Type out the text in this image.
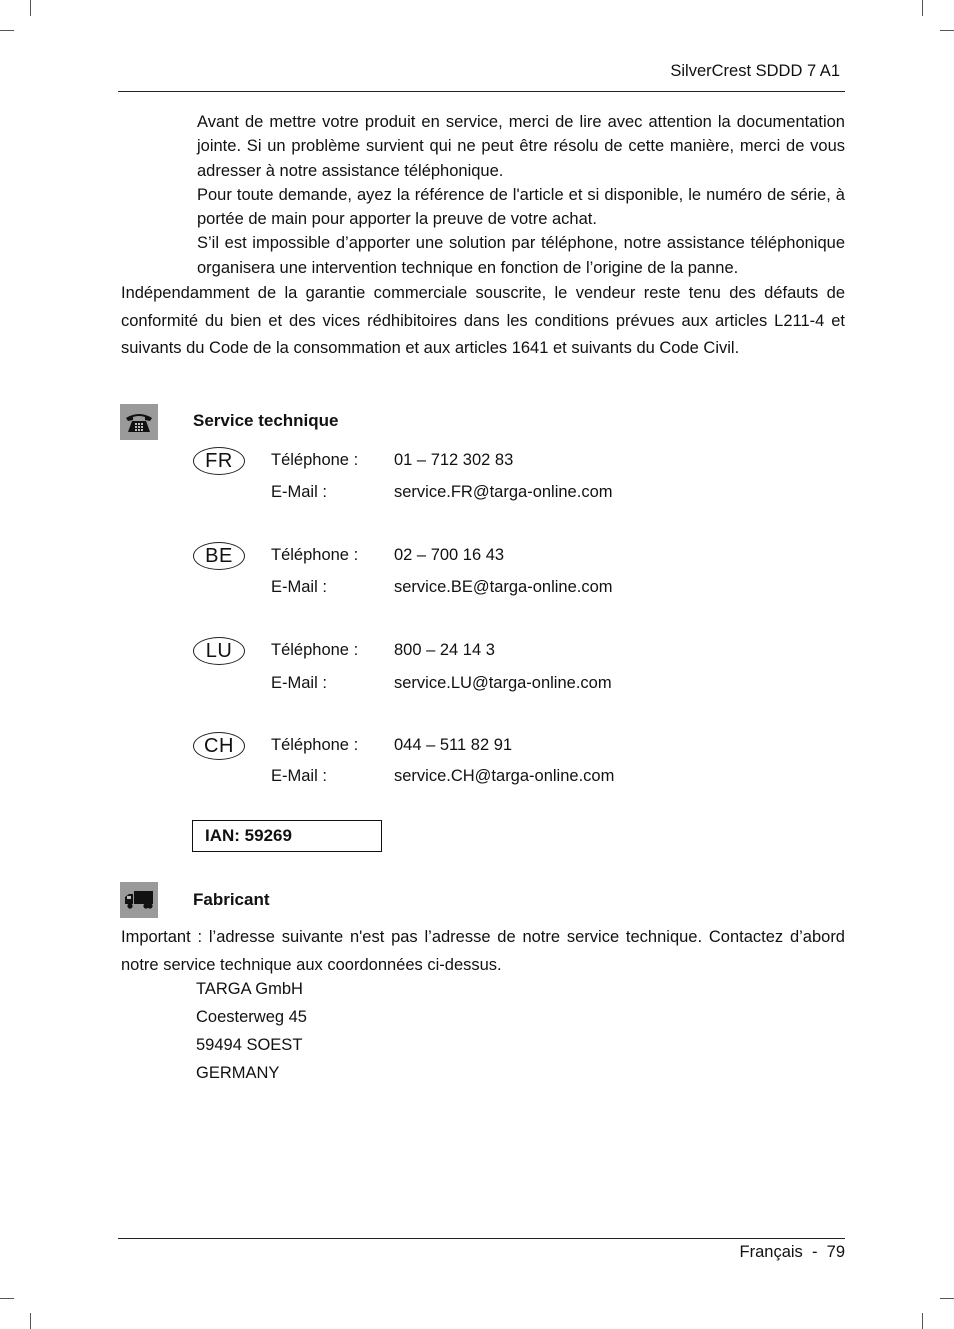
SilverCrest SDDD 7 A1

Avant de mettre votre produit en service, merci de lire avec attention la documentation jointe. Si un problème survient qui ne peut être résolu de cette manière, merci de vous adresser à notre assistance téléphonique.

Pour toute demande, ayez la référence de l'article et si disponible, le numéro de série, à portée de main pour apporter la preuve de votre achat.

S’il est impossible d’apporter une solution par téléphone, notre assistance téléphonique organisera une intervention technique en fonction de l’origine de la panne.

Indépendamment de la garantie commerciale souscrite, le vendeur reste tenu des défauts de conformité du bien et des vices rédhibitoires dans les conditions prévues aux articles L211-4 et suivants du Code de la consommation et aux articles 1641 et suivants du Code Civil.

Service technique
FR	Téléphone : 01 – 712 302 83
E-Mail :	service.FR@targa-online.com
BE	Téléphone : 02 – 700 16 43
E-Mail :	service.BE@targa-online.com
LU	Téléphone : 800 – 24 14 3
E-Mail :	service.LU@targa-online.com
CH	Téléphone : 044 – 511 82 91
E-Mail :	service.CH@targa-online.com
IAN: 59269
Fabricant

Important : l’adresse suivante n'est pas l’adresse de notre service technique. Contactez d’abord notre service technique aux coordonnées ci-dessus.

TARGA GmbH
Coesterweg 45
59494 SOEST
GERMANY
Français - 79
